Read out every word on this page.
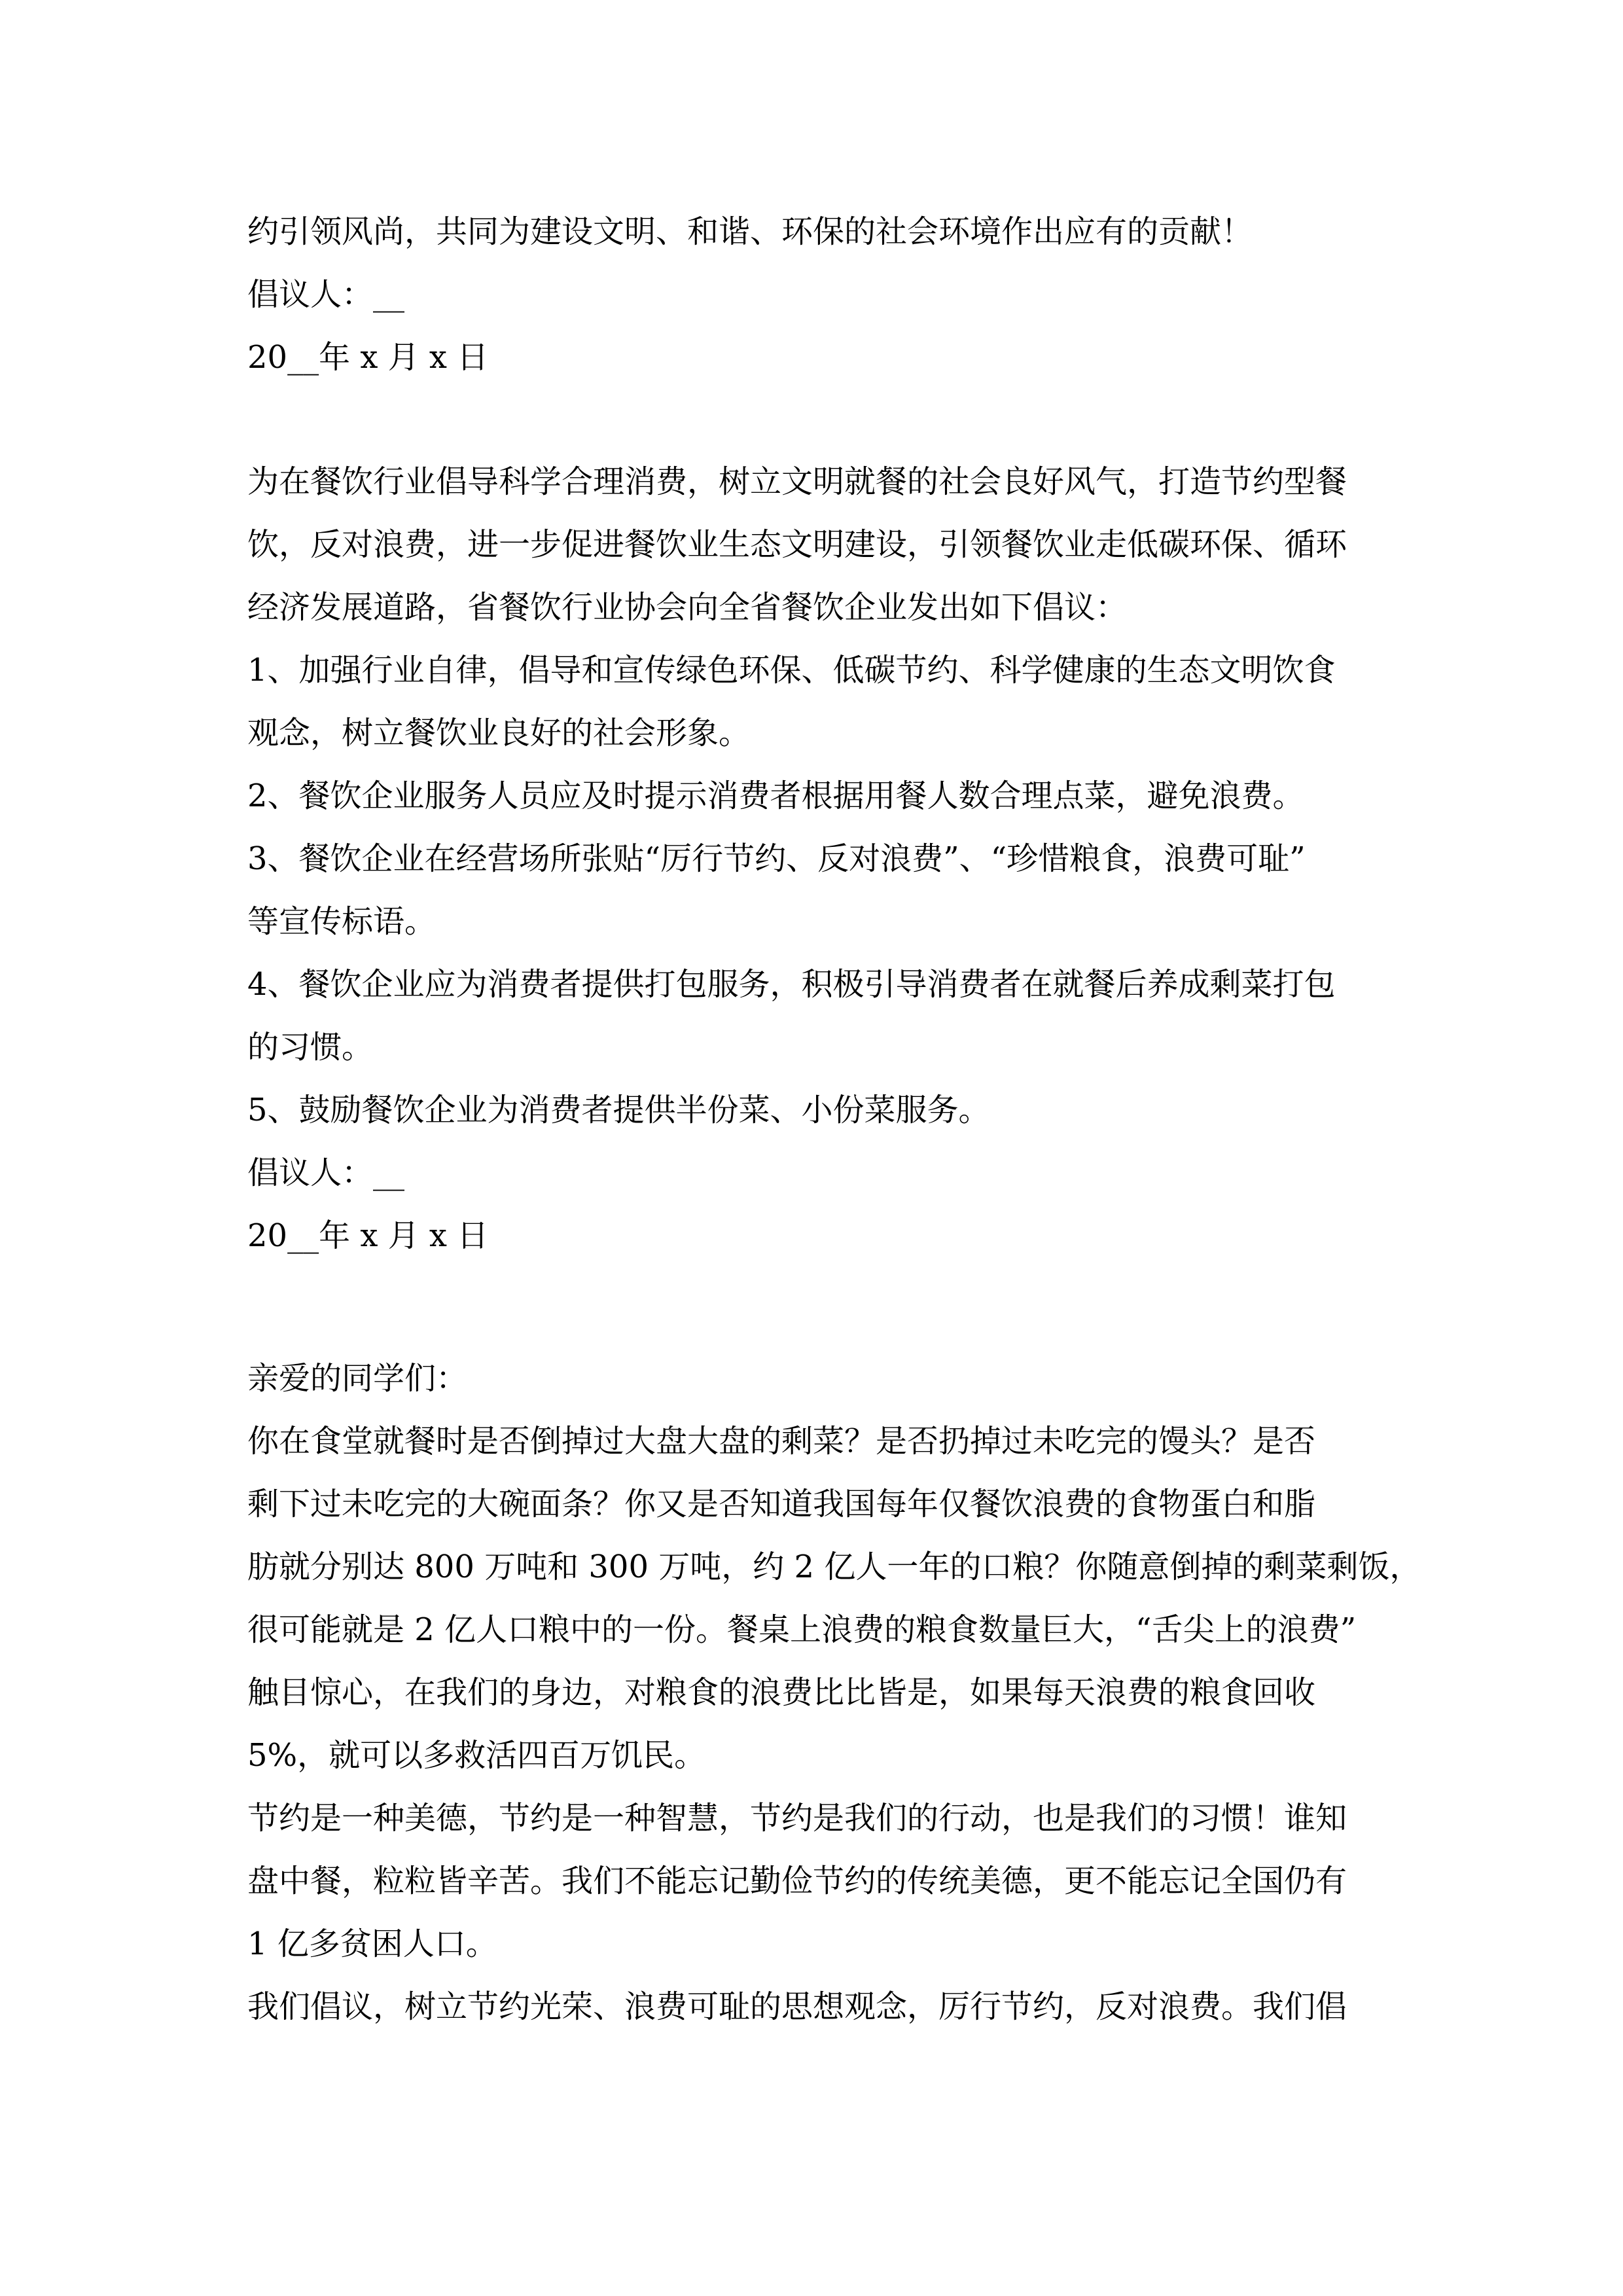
约引领风尚，共同为建设文明、和谐、环保的社会环境作出应有的贡献！
倡议人：__
20__年 x 月 x 日
为在餐饮行业倡导科学合理消费，树立文明就餐的社会良好风气，打造节约型餐
饮，反对浪费，进一步促进餐饮业生态文明建设，引领餐饮业走低碳环保、循环
经济发展道路，省餐饮行业协会向全省餐饮企业发出如下倡议：
1、加强行业自律，倡导和宣传绿色环保、低碳节约、科学健康的生态文明饮食
观念，树立餐饮业良好的社会形象。
2、餐饮企业服务人员应及时提示消费者根据用餐人数合理点菜，避免浪费。
3、餐饮企业在经营场所张贴“厉行节约、反对浪费”、“珍惜粮食，浪费可耻”
等宣传标语。
4、餐饮企业应为消费者提供打包服务，积极引导消费者在就餐后养成剩菜打包
的习惯。
5、鼓励餐饮企业为消费者提供半份菜、小份菜服务。
倡议人：__
20__年 x 月 x 日
亲爱的同学们：
你在食堂就餐时是否倒掉过大盘大盘的剩菜？是否扔掉过未吃完的馒头？是否
剩下过未吃完的大碗面条？你又是否知道我国每年仅餐饮浪费的食物蛋白和脂
肪就分别达 800 万吨和 300 万吨，约 2 亿人一年的口粮？你随意倒掉的剩菜剩饭，
很可能就是 2 亿人口粮中的一份。餐桌上浪费的粮食数量巨大，“舌尖上的浪费”
触目惊心，在我们的身边，对粮食的浪费比比皆是，如果每天浪费的粮食回收
5%，就可以多救活四百万饥民。
节约是一种美德，节约是一种智慧，节约是我们的行动，也是我们的习惯！谁知
盘中餐，粒粒皆辛苦。我们不能忘记勤俭节约的传统美德，更不能忘记全国仍有
1 亿多贫困人口。
我们倡议，树立节约光荣、浪费可耻的思想观念，厉行节约，反对浪费。我们倡
